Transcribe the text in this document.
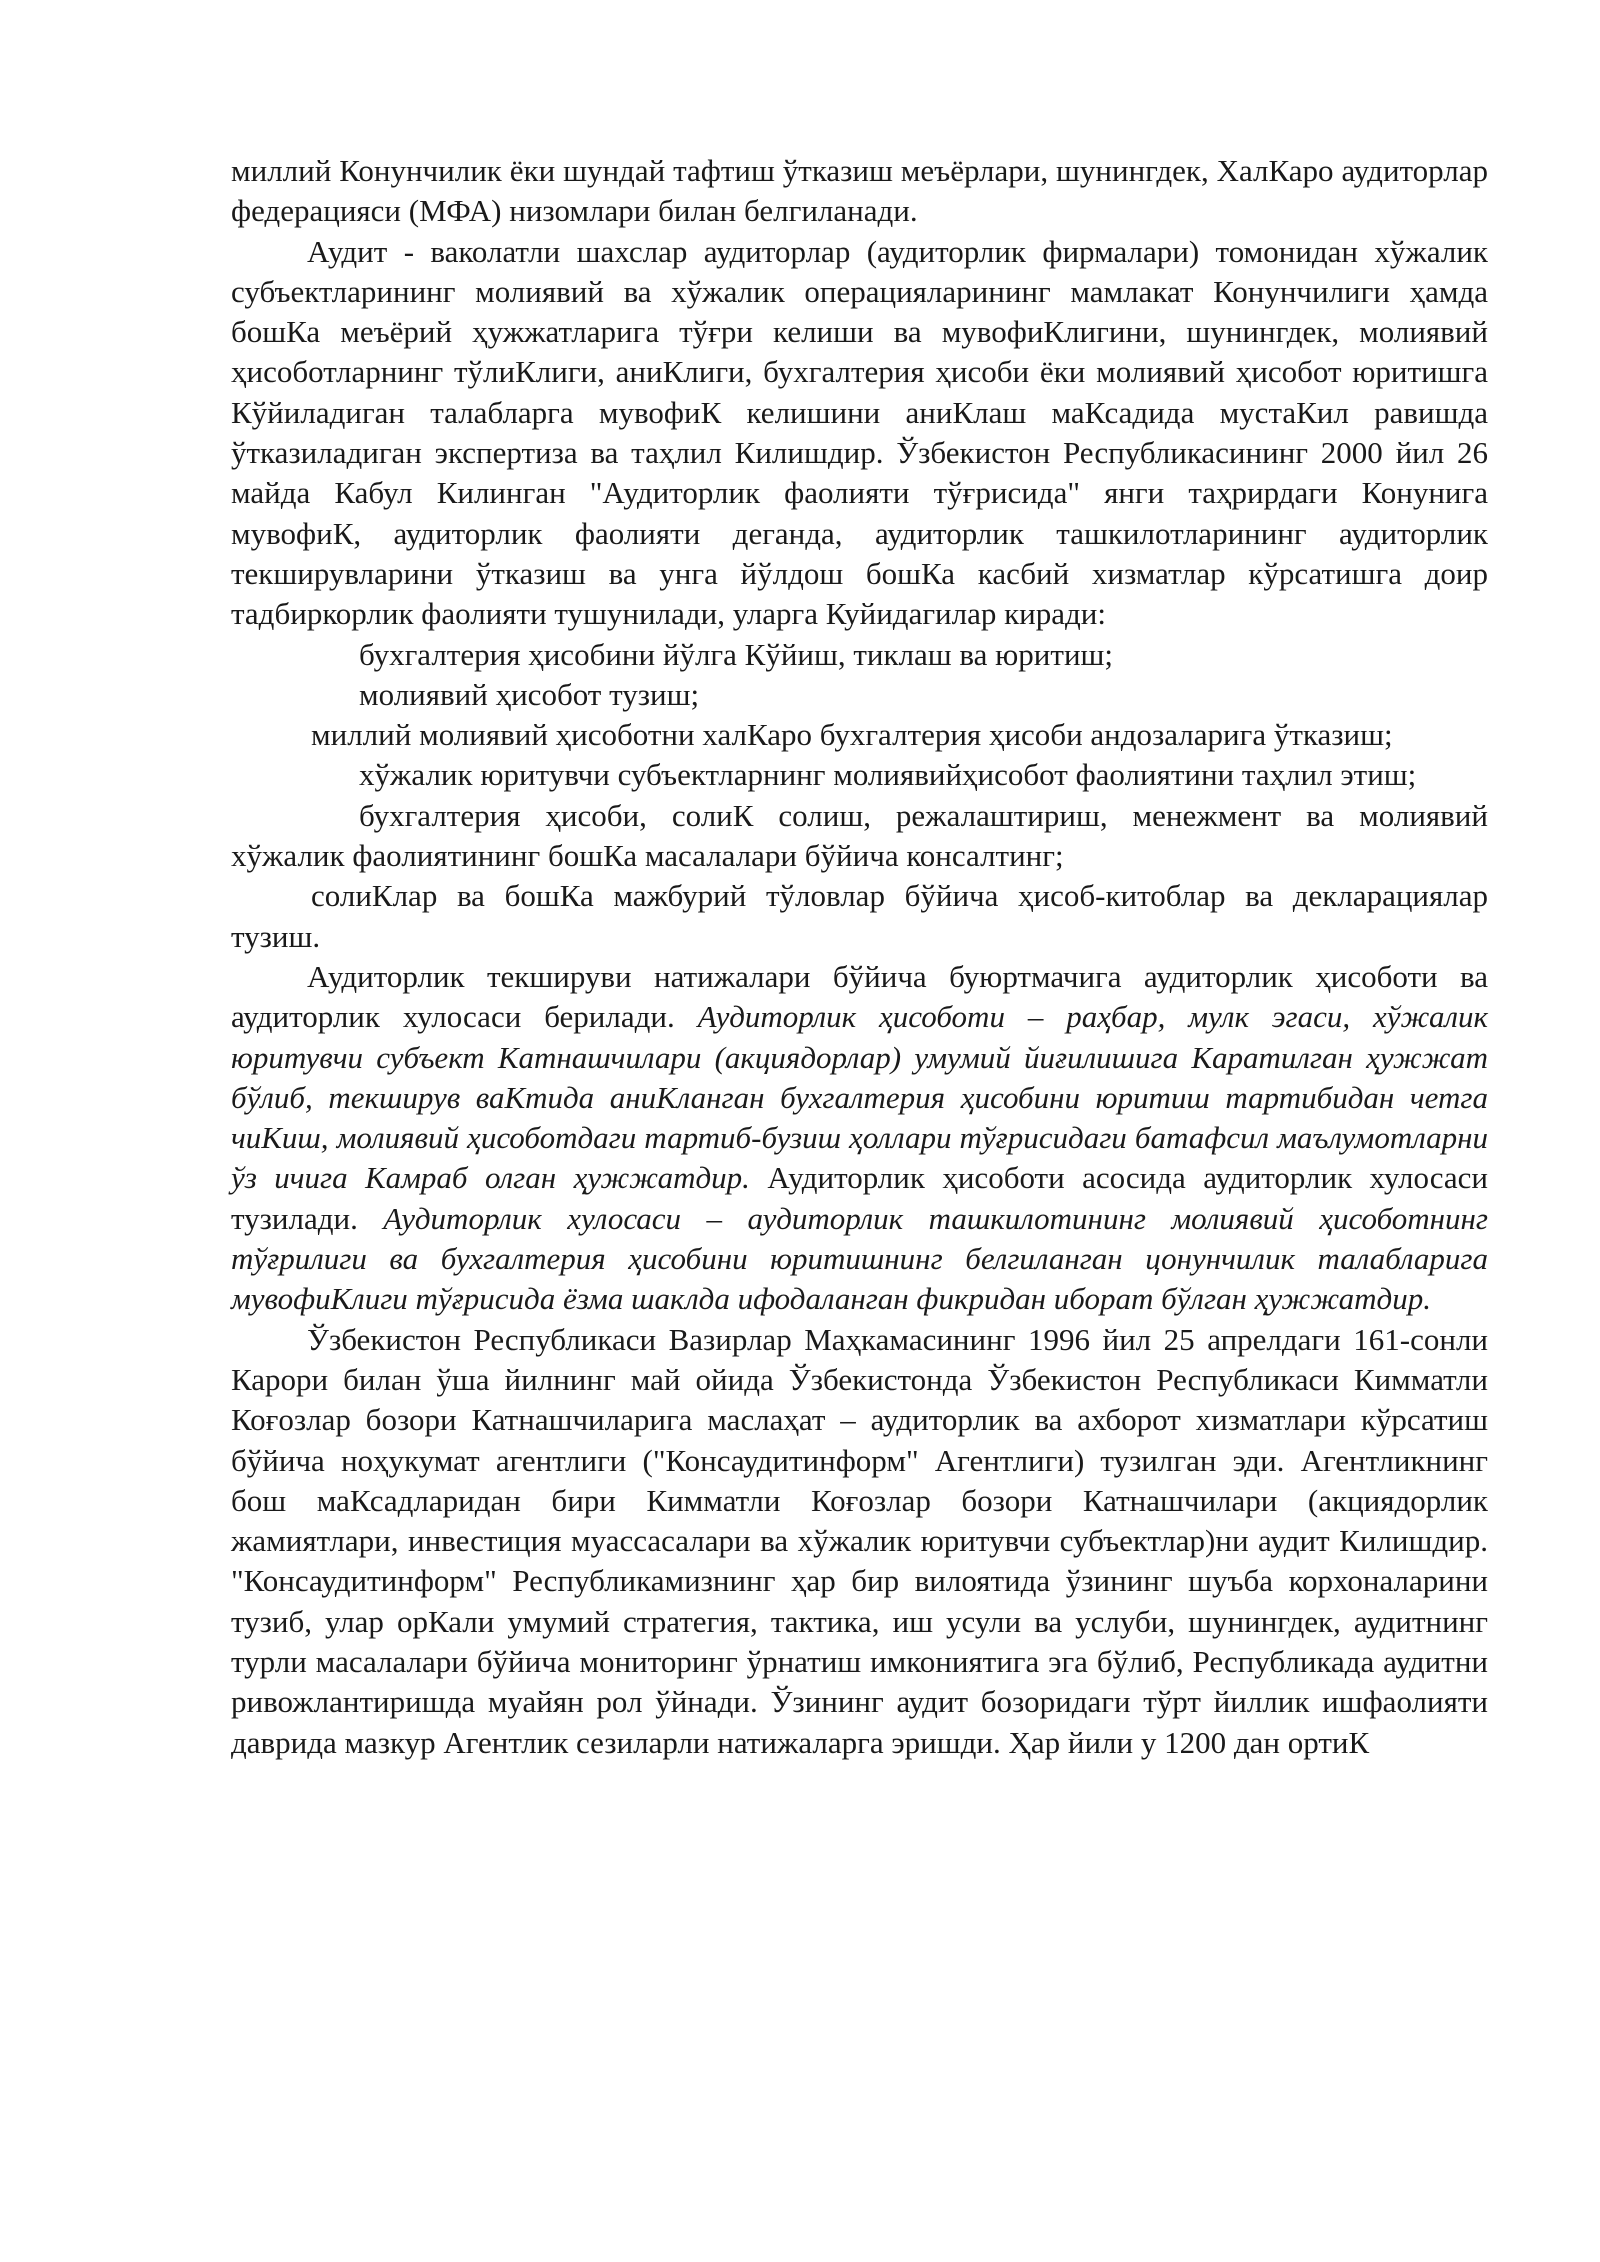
миллий Конунчилик ёки шундай тафтиш ўтказиш меъёрлари, шунингдек, ХалКаро аудиторлар федерацияси (МФА) низомлари билан белгиланади.

Аудит - ваколатли шахслар аудиторлар (аудиторлик фирмалари) томонидан хўжалик субъектларининг молиявий ва хўжалик операцияларининг мамлакат Конунчилиги ҳамда бошКа меъёрий ҳужжатларига тўғри келиши ва мувофиКлигини, шунингдек, молиявий ҳисоботларнинг тўлиКлиги, аниКлиги, бухгалтерия ҳисоби ёки молиявий ҳисобот юритишга Кўйиладиган талабларга мувофиК келишини аниКлаш маКсадида мустаКил равишда ўтказиладиган экспертиза ва таҳлил Килишдир. Ўзбекистон Республикасининг 2000 йил 26 майда Кабул Килинган "Аудиторлик фаолияти тўғрисида" янги таҳрирдаги Конунига мувофиК, аудиторлик фаолияти деганда, аудиторлик ташкилотларининг аудиторлик текширувларини ўтказиш ва унга йўлдош бошКа касбий хизматлар кўрсатишга доир тадбиркорлик фаолияти тушунилади, уларга Куйидагилар киради:

бухгалтерия ҳисобини йўлга Кўйиш, тиклаш ва юритиш;

молиявий ҳисобот тузиш;

миллий молиявий ҳисоботни халКаро бухгалтерия ҳисоби андозаларига ўтказиш;

хўжалик юритувчи субъектларнинг молиявийҳисобот фаолиятини таҳлил этиш;

бухгалтерия ҳисоби, солиК солиш, режалаштириш, менежмент ва молиявий хўжалик фаолиятининг бошКа масалалари бўйича консалтинг;

солиКлар ва бошКа мажбурий тўловлар бўйича ҳисоб-китоблар ва декларациялар тузиш.

Аудиторлик текшируви натижалари бўйича буюртмачига аудиторлик ҳисоботи ва аудиторлик хулосаси берилади. Аудиторлик ҳисоботи – раҳбар, мулк эгаси, хўжалик юритувчи субъект Катнашчилари (акциядорлар) умумий йиғилишига Каратилган ҳужжат бўлиб, текширув ваКтида аниКланган бухгалтерия ҳисобини юритиш тартибидан четга чиКиш, молиявий ҳисоботдаги тартиб-бузиш ҳоллари тўғрисидаги батафсил маълумотларни ўз ичига Камраб олган ҳужжатдир. Аудиторлик ҳисоботи асосида аудиторлик хулосаси тузилади. Аудиторлик хулосаси – аудиторлик ташкилотининг молиявий ҳисоботнинг тўғрилиги ва бухгалтерия ҳисобини юритишнинг белгиланган цонунчилик талабларига мувофиКлиги тўғрисида ёзма шаклда ифодаланган фикридан иборат бўлган ҳужжатдир.

Ўзбекистон Республикаси Вазирлар Маҳкамасининг 1996 йил 25 апрелдаги 161-сонли Карори билан ўша йилнинг май ойида Ўзбекистонда Ўзбекистон Республикаси Кимматли Коғозлар бозори Катнашчиларига маслаҳат – аудиторлик ва ахборот хизматлари кўрсатиш бўйича ноҳукумат агентлиги ("Консаудитинформ" Агентлиги) тузилган эди. Агентликнинг бош маКсадларидан бири Кимматли Коғозлар бозори Катнашчилари (акциядорлик жамиятлари, инвестиция муассасалари ва хўжалик юритувчи субъектлар)ни аудит Килишдир. "Консаудитинформ" Республикамизнинг ҳар бир вилоятида ўзининг шуъба корхоналарини тузиб, улар орКали умумий стратегия, тактика, иш усули ва услуби, шунингдек, аудитнинг турли масалалари бўйича мониторинг ўрнатиш имкониятига эга бўлиб, Республикада аудитни ривожлантиришда муайян рол ўйнади. Ўзининг аудит бозоридаги тўрт йиллик ишфаолияти даврида мазкур Агентлик сезиларли натижаларга эришди. Ҳар йили у 1200 дан ортиК
